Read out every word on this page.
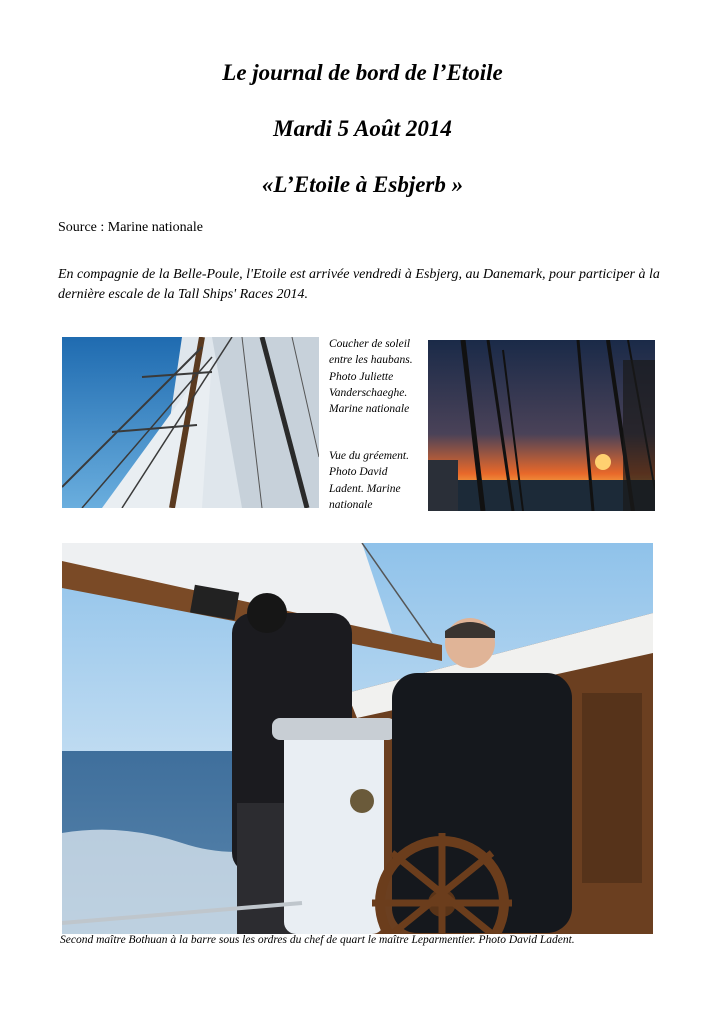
Le journal de bord de l’Etoile
Mardi 5 Août 2014
«L’Etoile à Esbjerb »
Source : Marine nationale
En compagnie de la Belle-Poule, l'Etoile est arrivée vendredi à Esbjerg, au Danemark, pour participer à la dernière escale de la Tall Ships' Races 2014.
Coucher de soleil entre les haubans. Photo Juliette Vanderschaeghe. Marine nationale
Vue du gréement. Photo David Ladent. Marine nationale
Second maître Bothuan à la barre sous les ordres du chef de quart le maître Leparmentier. Photo David Ladent.
